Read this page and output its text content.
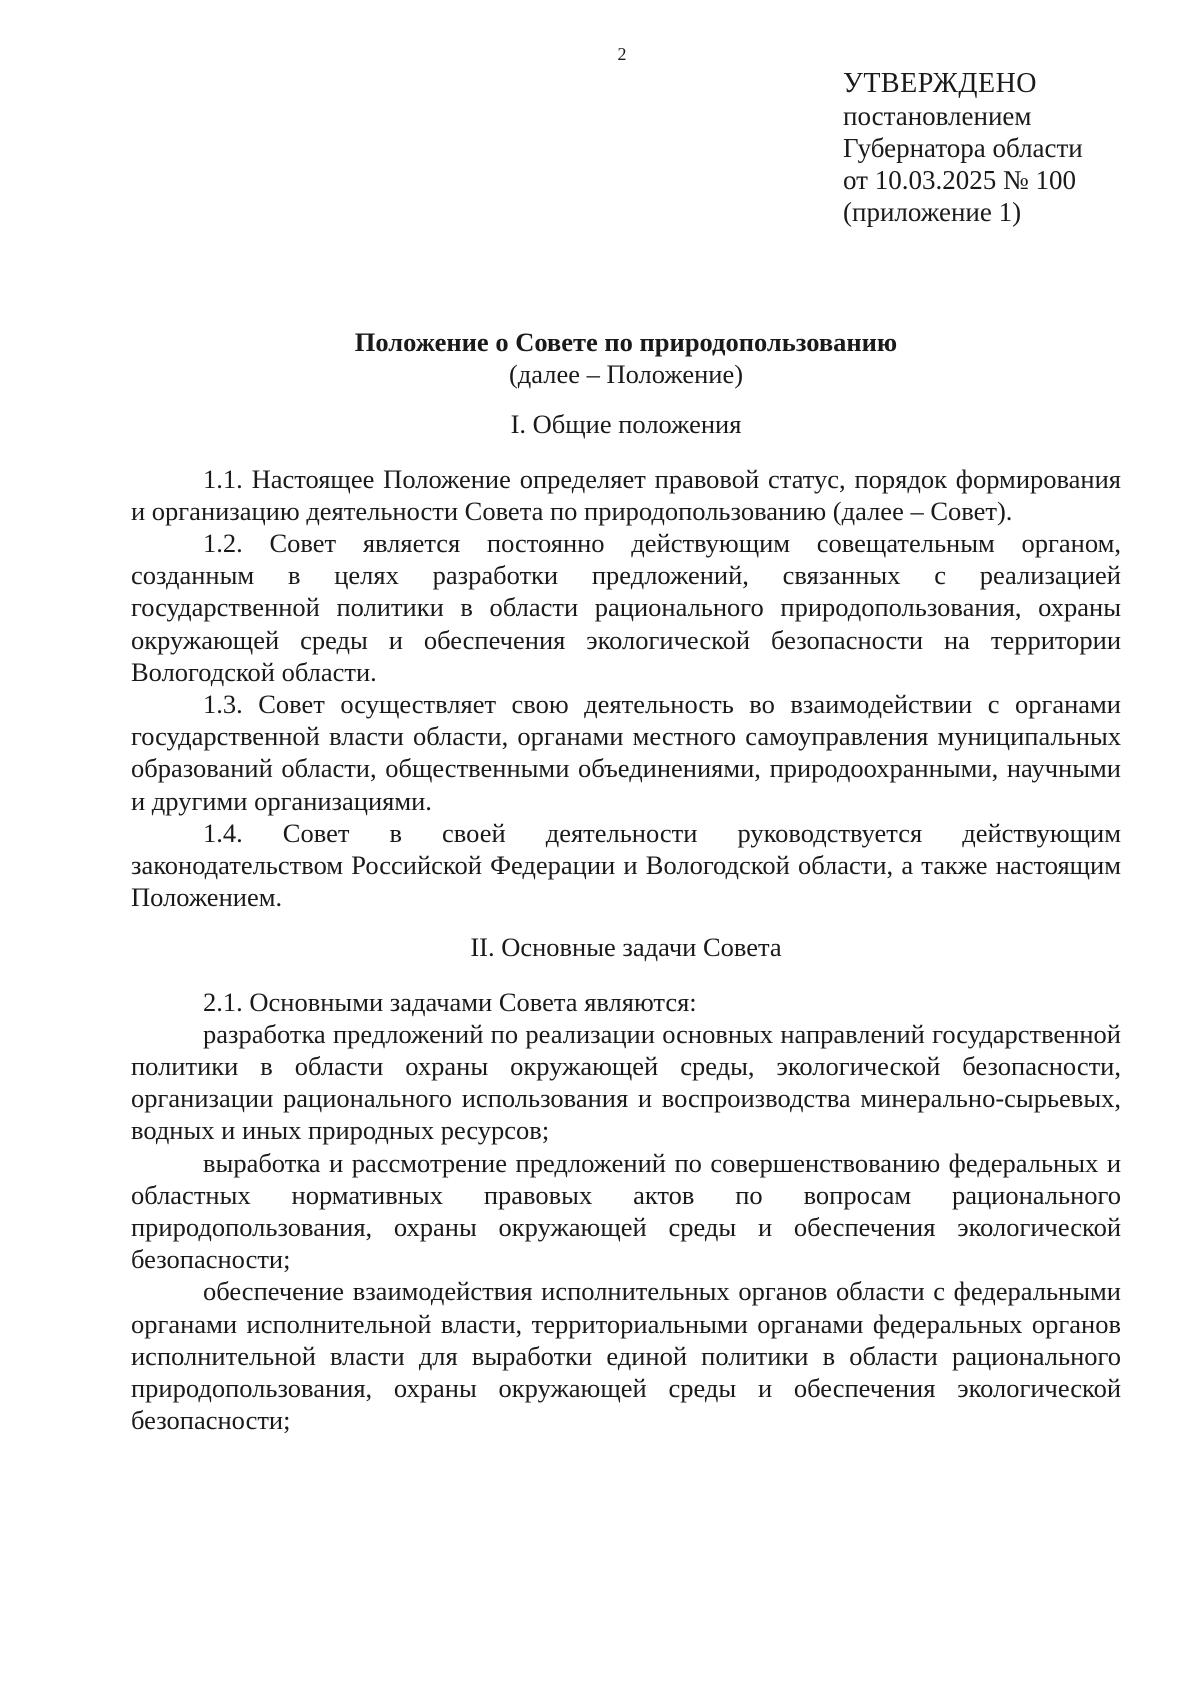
2
УТВЕРЖДЕНО
постановлением
Губернатора области
от 10.03.2025 № 100
(приложение 1)
Положение о Совете по природопользованию
(далее – Положение)
I. Общие положения

1.1. Настоящее Положение определяет правовой статус, порядок формирования и организацию деятельности Совета по природопользованию (далее – Совет).

1.2. Совет является постоянно действующим совещательным органом, созданным в целях разработки предложений, связанных с реализацией государственной политики в области рационального природопользования, охраны окружающей среды и обеспечения экологической безопасности на территории Вологодской области.

1.3. Совет осуществляет свою деятельность во взаимодействии с органами государственной власти области, органами местного самоуправления муниципальных образований области, общественными объединениями, природоохранными, научными и другими организациями.

1.4. Совет в своей деятельности руководствуется действующим законодательством Российской Федерации и Вологодской области, а также настоящим Положением.

II. Основные задачи Совета

2.1. Основными задачами Совета являются:

разработка предложений по реализации основных направлений государственной политики в области охраны окружающей среды, экологической безопасности, организации рационального использования и воспроизводства минерально-сырьевых, водных и иных природных ресурсов;

выработка и рассмотрение предложений по совершенствованию федеральных и областных нормативных правовых актов по вопросам рационального природопользования, охраны окружающей среды и обеспечения экологической безопасности;

обеспечение взаимодействия исполнительных органов области с федеральными органами исполнительной власти, территориальными органами федеральных органов исполнительной власти для выработки единой политики в области рационального природопользования, охраны окружающей среды и обеспечения экологической безопасности;
